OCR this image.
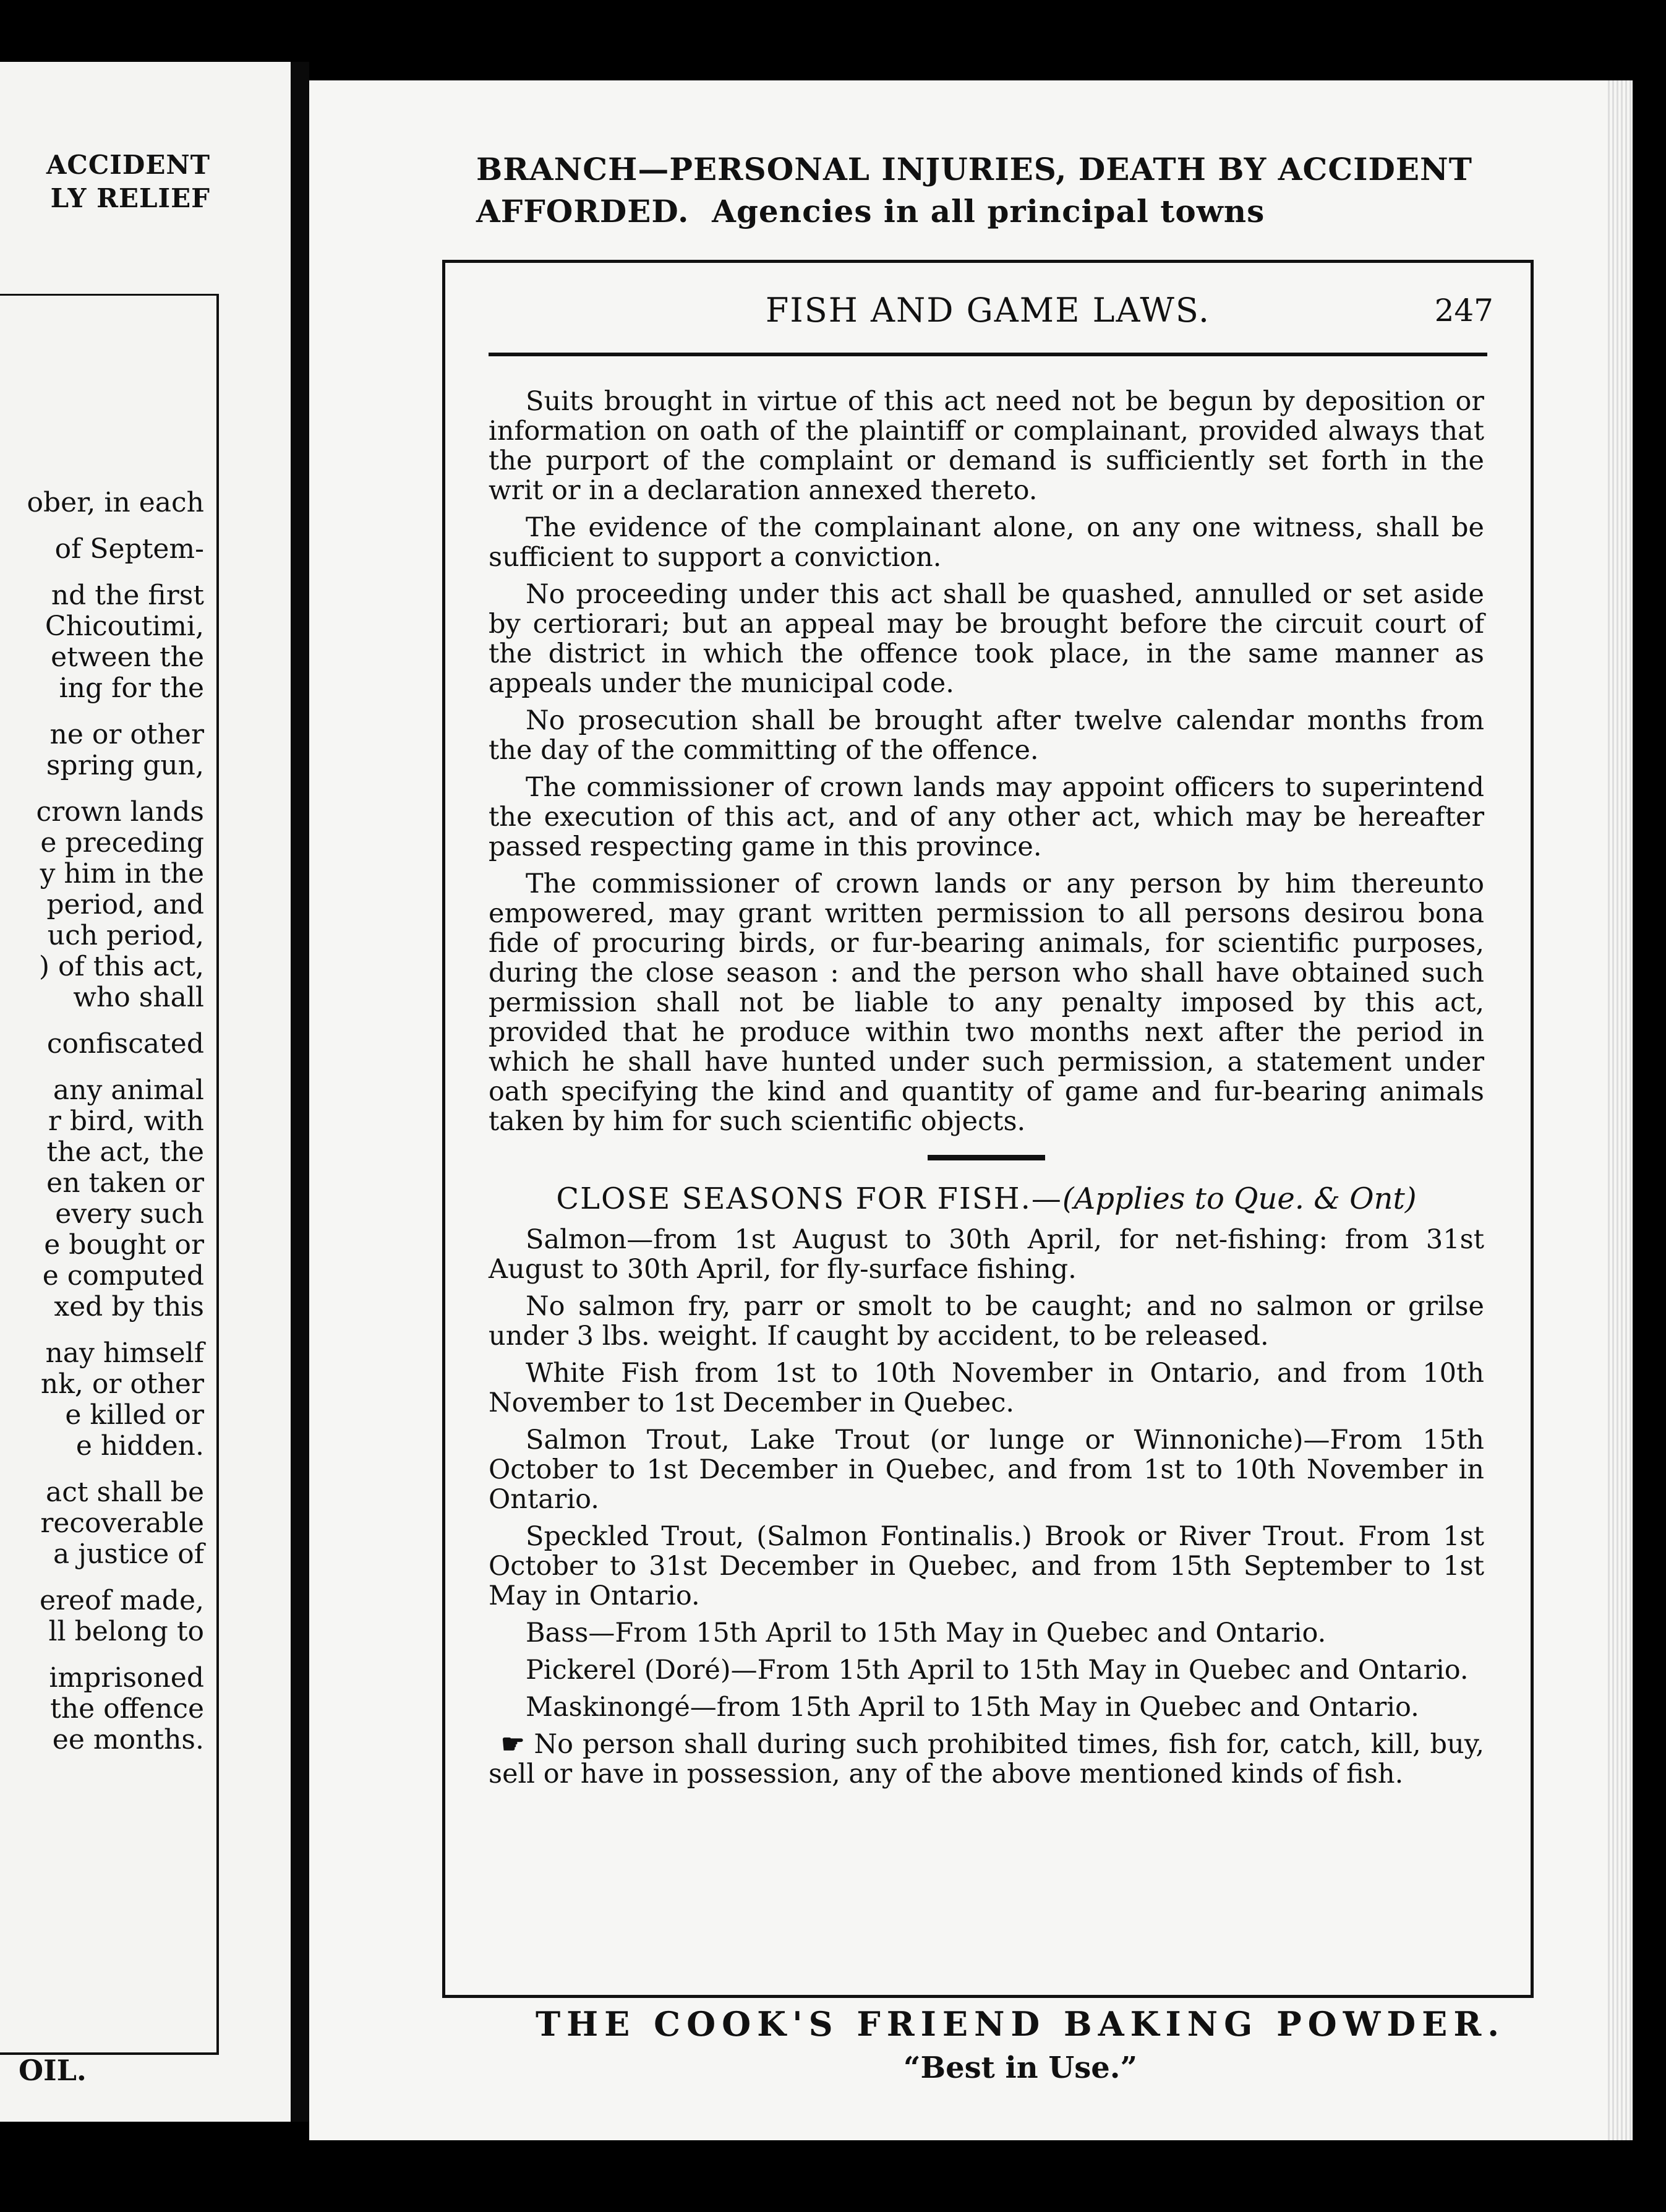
ACCIDENT
LY RELIEF
ober, in each
of Septem-
nd the first
Chicoutimi,
etween the
ing for the
ne or other
spring gun,
crown lands
e preceding
y him in the
period, and
uch period,
) of this act,
who shall
confiscated
any animal
r bird, with
the act, the
en taken or
every such
e bought or
e computed
xed by this
nay himself
nk, or other
e killed or
e hidden.
act shall be
recoverable
a justice of
ereof made,
ll belong to
imprisoned
the offence
ee months.
OIL.
BRANCH—PERSONAL INJURIES, DEATH BY ACCIDENT
AFFORDED.  Agencies in all principal towns
FISH AND GAME LAWS.	247

Suits brought in virtue of this act need not be begun by deposition or information on oath of the plaintiff or complainant, provided always that the purport of the complaint or demand is sufficiently set forth in the writ or in a declaration annexed thereto.

The evidence of the complainant alone, on any one witness, shall be sufficient to support a conviction.

No proceeding under this act shall be quashed, annulled or set aside by certiorari; but an appeal may be brought before the circuit court of the district in which the offence took place, in the same manner as appeals under the municipal code.

No prosecution shall be brought after twelve calendar months from the day of the committing of the offence.

The commissioner of crown lands may appoint officers to superintend the execution of this act, and of any other act, which may be hereafter passed respecting game in this province.

The commissioner of crown lands or any person by him thereunto empowered, may grant written permission to all persons desirou bona fide of procuring birds, or fur-bearing animals, for scientific purposes, during the close season : and the person who shall have obtained such permission shall not be liable to any penalty imposed by this act, provided that he produce within two months next after the period in which he shall have hunted under such permission, a statement under oath specifying the kind and quantity of game and fur-bearing animals taken by him for such scientific objects.

CLOSE SEASONS FOR FISH.—(Applies to Que. & Ont)

Salmon—from 1st August to 30th April, for net-fishing: from 31st August to 30th April, for fly-surface fishing.

No salmon fry, parr or smolt to be caught; and no salmon or grilse under 3 lbs. weight. If caught by accident, to be released.

White Fish from 1st to 10th November in Ontario, and from 10th November to 1st December in Quebec.

Salmon Trout, Lake Trout (or lunge or Winnoniche)—From 15th October to 1st December in Quebec, and from 1st to 10th November in Ontario.

Speckled Trout, (Salmon Fontinalis.) Brook or River Trout. From 1st October to 31st December in Quebec, and from 15th September to 1st May in Ontario.

Bass—From 15th April to 15th May in Quebec and Ontario.

Pickerel (Doré)—From 15th April to 15th May in Quebec and Ontario.

Maskinongé—from 15th April to 15th May in Quebec and Ontario.

☛ No person shall during such prohibited times, fish for, catch, kill, buy, sell or have in possession, any of the above mentioned kinds of fish.

THE COOK'S FRIEND BAKING POWDER.
“Best in Use.”
